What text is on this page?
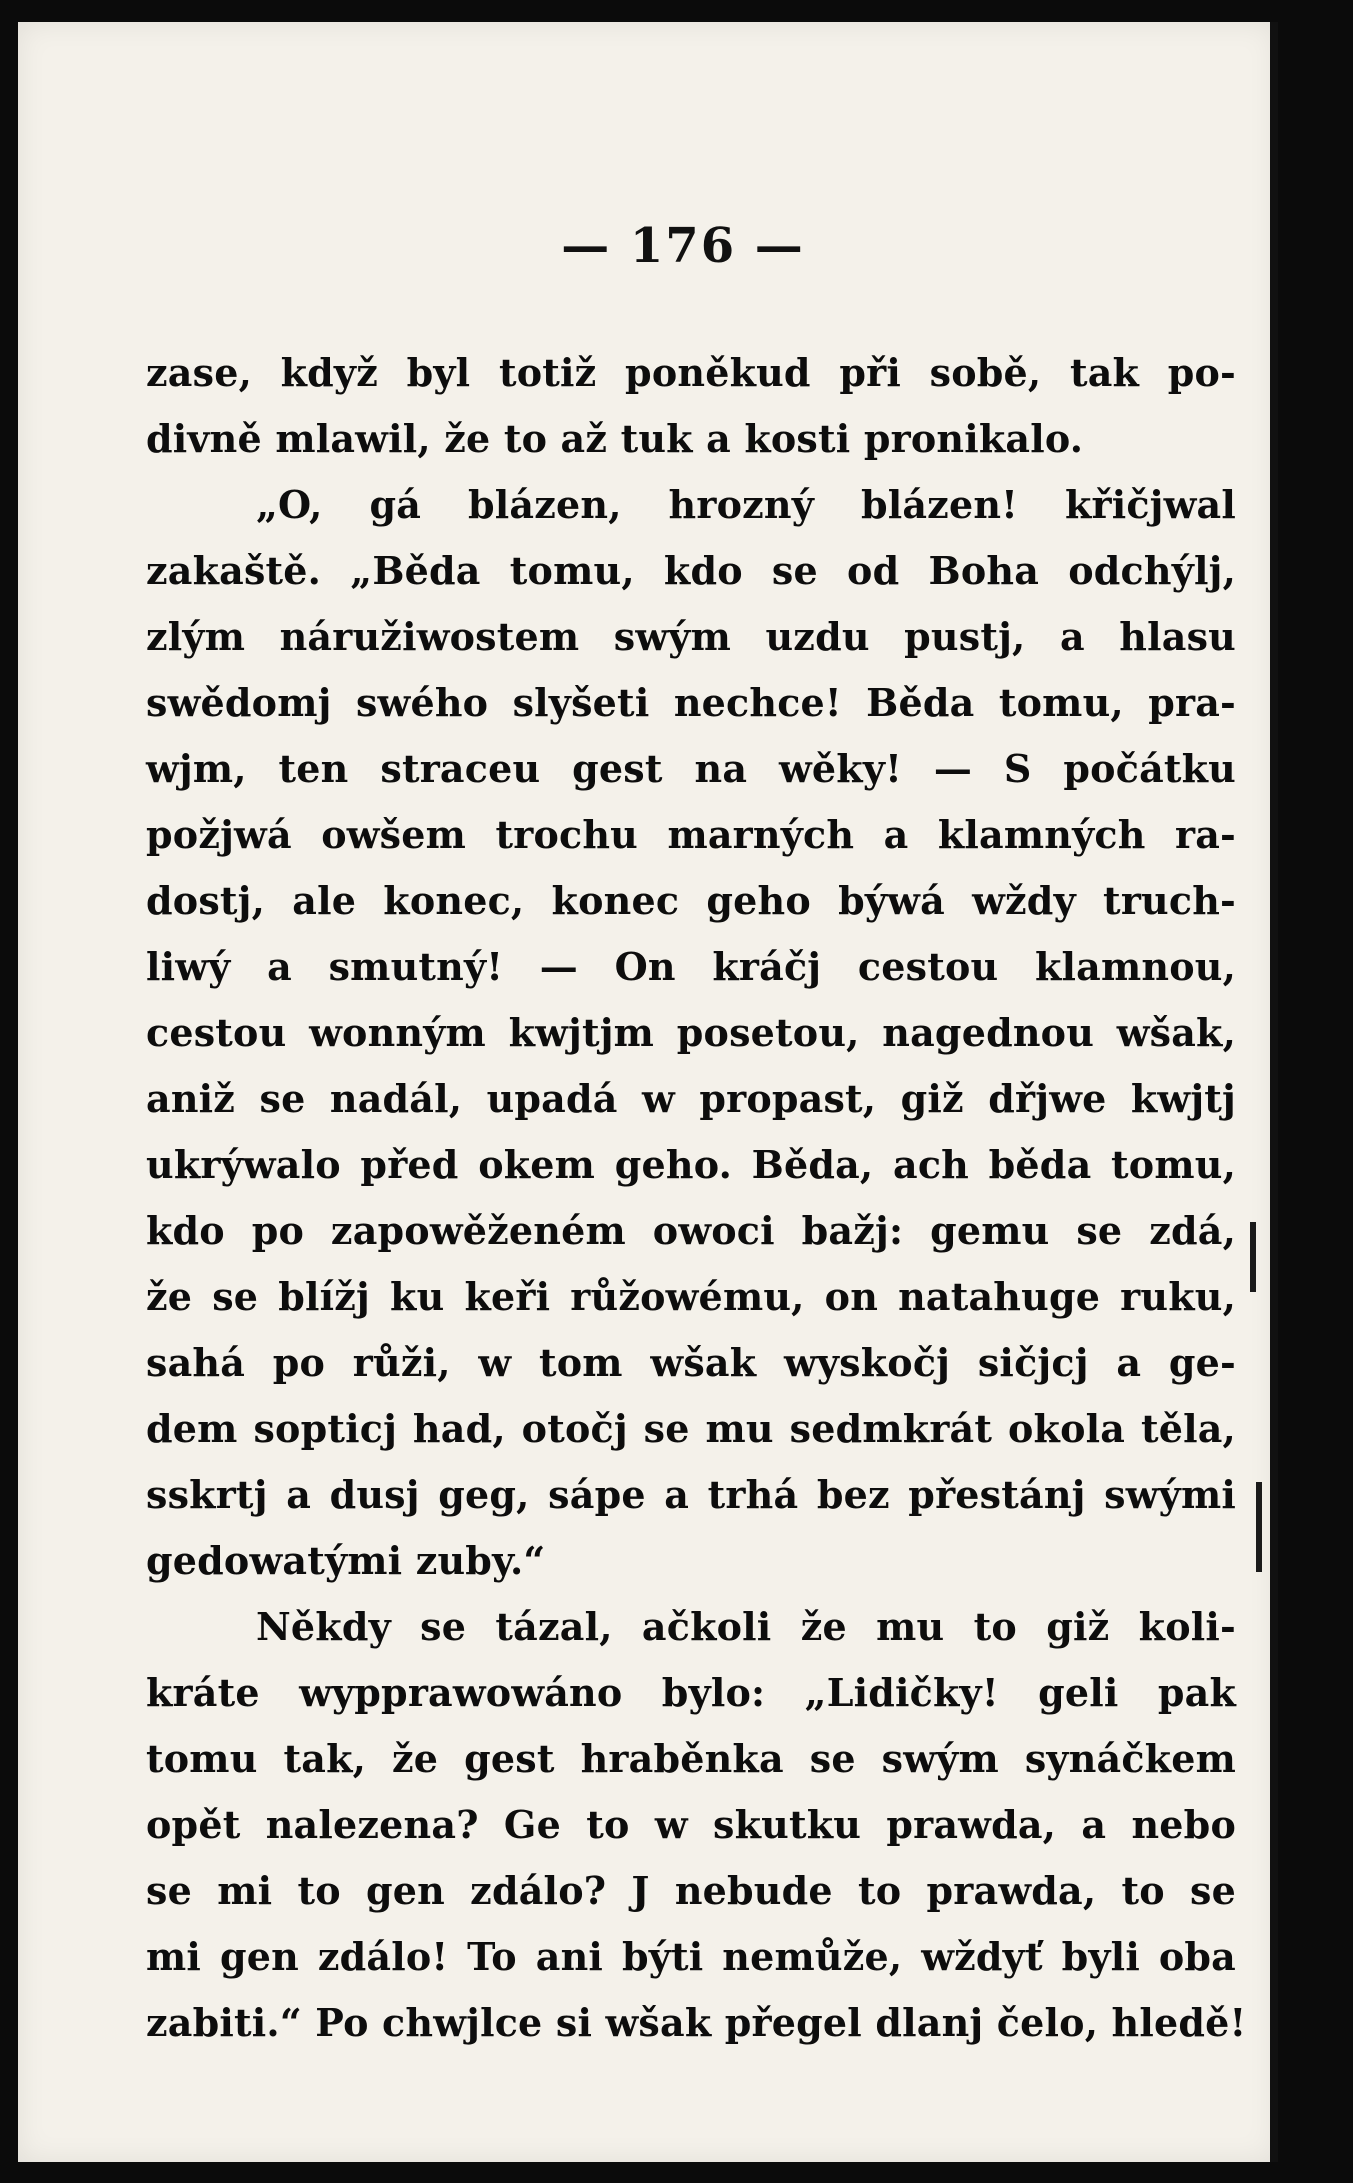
— 176 —
zase, když byl totiž poněkud při sobě, tak po-
divně mlawil, že to až tuk a kosti pronikalo.
„O, gá blázen, hrozný blázen! křičjwal
zakaště. „Běda tomu, kdo se od Boha odchýlj,
zlým náružiwostem swým uzdu pustj, a hlasu
swědomj swého slyšeti nechce! Běda tomu, pra-
wjm, ten straceu gest na wěky! — S počátku
požjwá owšem trochu marných a klamných ra-
dostj, ale konec, konec geho býwá wždy truch-
liwý a smutný! — On kráčj cestou klamnou,
cestou wonným kwjtjm posetou, nagednou wšak,
aniž se nadál, upadá w propast, giž dřjwe kwjtj
ukrýwalo před okem geho. Běda, ach běda tomu,
kdo po zapowěženém owoci bažj: gemu se zdá,
že se blížj ku keři růžowému, on natahuge ruku,
sahá po růži, w tom wšak wyskočj sičjcj a ge-
dem sopticj had, otočj se mu sedmkrát okola těla,
sskrtj a dusj geg, sápe a trhá bez přestánj swými
gedowatými zuby.“
Někdy se tázal, ačkoli že mu to giž koli-
kráte wypprawowáno bylo: „Lidičky! geli pak
tomu tak, že gest hraběnka se swým synáčkem
opět nalezena? Ge to w skutku prawda, a nebo
se mi to gen zdálo? J nebude to prawda, to se
mi gen zdálo! To ani býti nemůže, wždyť byli oba
zabiti.“ Po chwjlce si wšak přegel dlanj čelo, hledě!
